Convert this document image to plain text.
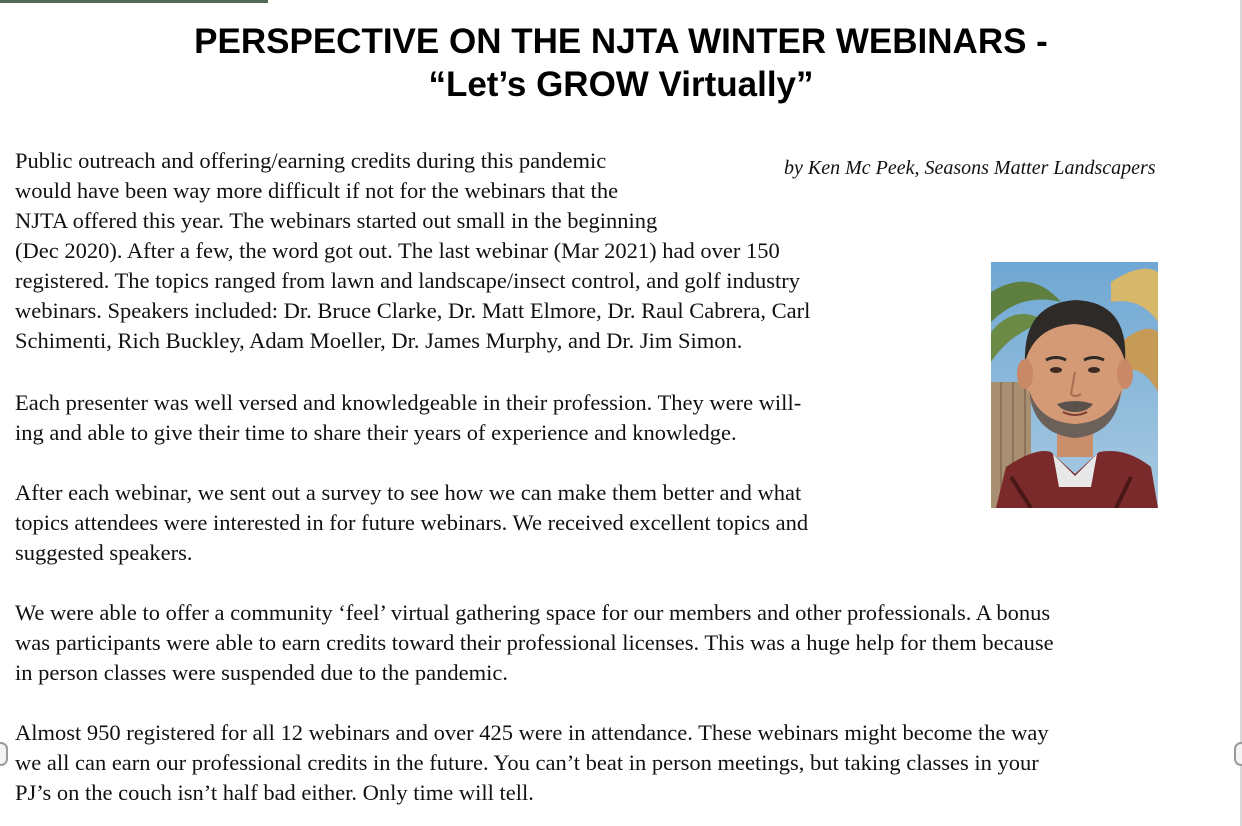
PERSPECTIVE ON THE NJTA WINTER WEBINARS -
“Let’s GROW Virtually”
by Ken Mc Peek, Seasons Matter Landscapers

Public outreach and offering/earning credits during this pandemic
would have been way more difficult if not for the webinars that the
NJTA offered this year. The webinars started out small in the beginning
(Dec 2020). After a few, the word got out. The last webinar (Mar 2021) had over 150
registered. The topics ranged from lawn and landscape/insect control, and golf industry
webinars. Speakers included: Dr. Bruce Clarke, Dr. Matt Elmore, Dr. Raul Cabrera, Carl
Schimenti, Rich Buckley, Adam Moeller, Dr. James Murphy, and Dr. Jim Simon.

Each presenter was well versed and knowledgeable in their profession. They were will-
ing and able to give their time to share their years of experience and knowledge.

After each webinar, we sent out a survey to see how we can make them better and what
topics attendees were interested in for future webinars. We received excellent topics and
suggested speakers.

We were able to offer a community ‘feel’ virtual gathering space for our members and other professionals. A bonus
was participants were able to earn credits toward their professional licenses. This was a huge help for them because
in person classes were suspended due to the pandemic.

Almost 950 registered for all 12 webinars and over 425 were in attendance. These webinars might become the way
we all can earn our professional credits in the future. You can’t beat in person meetings, but taking classes in your
PJ’s on the couch isn’t half bad either. Only time will tell.
